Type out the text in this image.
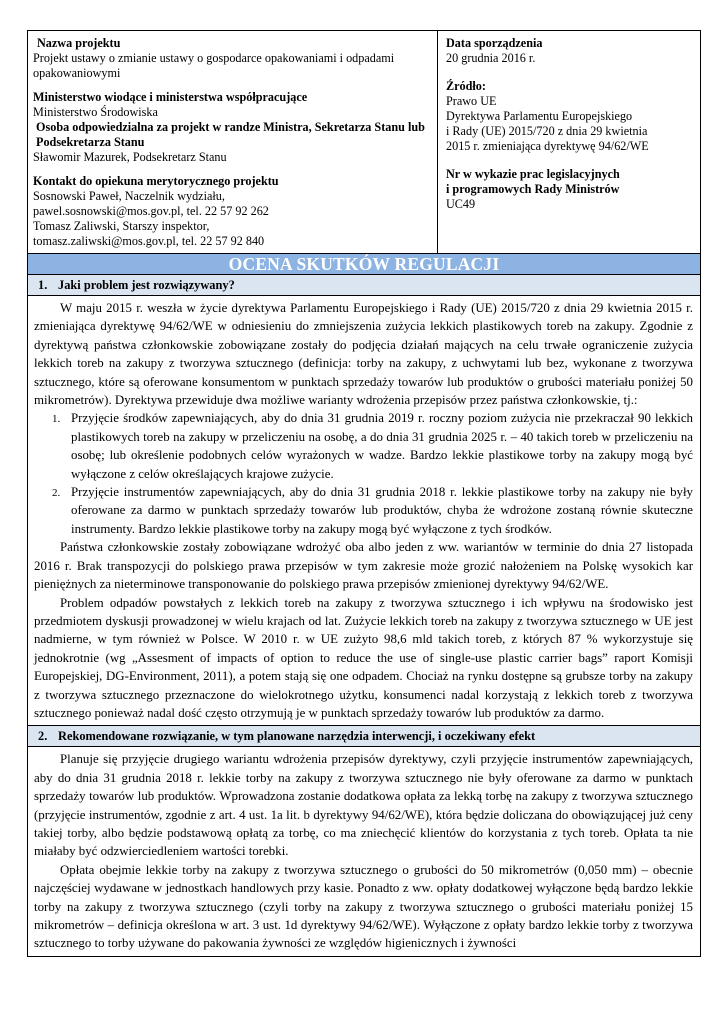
Nazwa projektu
Projekt ustawy o zmianie ustawy o gospodarce opakowaniami i odpadami opakowaniowymi
Ministerstwo wiodące i ministerstwa współpracujące
Ministerstwo Środowiska
Osoba odpowiedzialna za projekt w randze Ministra, Sekretarza Stanu lub Podsekretarza Stanu
Sławomir Mazurek, Podsekretarz Stanu
Kontakt do opiekuna merytorycznego projektu
Sosnowski Paweł, Naczelnik wydziału,
pawel.sosnowski@mos.gov.pl, tel. 22 57 92 262
Tomasz Zaliwski, Starszy inspektor,
tomasz.zaliwski@mos.gov.pl, tel. 22 57 92 840
Data sporządzenia
20 grudnia 2016 r.
Źródło:
Prawo UE
Dyrektywa Parlamentu Europejskiego
i Rady (UE) 2015/720 z dnia 29 kwietnia
2015 r. zmieniająca dyrektywę 94/62/WE
Nr w wykazie prac legislacyjnych
i programowych Rady Ministrów
UC49
OCENA SKUTKÓW REGULACJI
1. Jaki problem jest rozwiązywany?

W maju 2015 r. weszła w życie dyrektywa Parlamentu Europejskiego i Rady (UE) 2015/720 z dnia 29 kwietnia 2015 r. zmieniająca dyrektywę 94/62/WE w odniesieniu do zmniejszenia zużycia lekkich plastikowych toreb na zakupy. Zgodnie z dyrektywą państwa członkowskie zobowiązane zostały do podjęcia działań mających na celu trwałe ograniczenie zużycia lekkich toreb na zakupy z tworzywa sztucznego (definicja: torby na zakupy, z uchwytami lub bez, wykonane z tworzywa sztucznego, które są oferowane konsumentom w punktach sprzedaży towarów lub produktów o grubości materiału poniżej 50 mikrometrów). Dyrektywa przewiduje dwa możliwe warianty wdrożenia przepisów przez państwa członkowskie, tj.:

1. Przyjęcie środków zapewniających, aby do dnia 31 grudnia 2019 r. roczny poziom zużycia nie przekraczał 90 lekkich plastikowych toreb na zakupy w przeliczeniu na osobę, a do dnia 31 grudnia 2025 r. – 40 takich toreb w przeliczeniu na osobę; lub określenie podobnych celów wyrażonych w wadze. Bardzo lekkie plastikowe torby na zakupy mogą być wyłączone z celów określających krajowe zużycie.
2. Przyjęcie instrumentów zapewniających, aby do dnia 31 grudnia 2018 r. lekkie plastikowe torby na zakupy nie były oferowane za darmo w punktach sprzedaży towarów lub produktów, chyba że wdrożone zostaną równie skuteczne instrumenty. Bardzo lekkie plastikowe torby na zakupy mogą być wyłączone z tych środków.

Państwa członkowskie zostały zobowiązane wdrożyć oba albo jeden z ww. wariantów w terminie do dnia 27 listopada 2016 r. Brak transpozycji do polskiego prawa przepisów w tym zakresie może grozić nałożeniem na Polskę wysokich kar pieniężnych za nieterminowe transponowanie do polskiego prawa przepisów zmienionej dyrektywy 94/62/WE.

Problem odpadów powstałych z lekkich toreb na zakupy z tworzywa sztucznego i ich wpływu na środowisko jest przedmiotem dyskusji prowadzonej w wielu krajach od lat. Zużycie lekkich toreb na zakupy z tworzywa sztucznego w UE jest nadmierne, w tym również w Polsce. W 2010 r. w UE zużyto 98,6 mld takich toreb, z których 87 % wykorzystuje się jednokrotnie (wg „Assesment of impacts of option to reduce the use of single-use plastic carrier bags” raport Komisji Europejskiej, DG-Environment, 2011), a potem stają się one odpadem. Chociaż na rynku dostępne są grubsze torby na zakupy z tworzywa sztucznego przeznaczone do wielokrotnego użytku, konsumenci nadal korzystają z lekkich toreb z tworzywa sztucznego ponieważ nadal dość często otrzymują je w punktach sprzedaży towarów lub produktów za darmo.

2. Rekomendowane rozwiązanie, w tym planowane narzędzia interwencji, i oczekiwany efekt

Planuje się przyjęcie drugiego wariantu wdrożenia przepisów dyrektywy, czyli przyjęcie instrumentów zapewniających, aby do dnia 31 grudnia 2018 r. lekkie torby na zakupy z tworzywa sztucznego nie były oferowane za darmo w punktach sprzedaży towarów lub produktów. Wprowadzona zostanie dodatkowa opłata za lekką torbę na zakupy z tworzywa sztucznego (przyjęcie instrumentów, zgodnie z art. 4 ust. 1a lit. b dyrektywy 94/62/WE), która będzie doliczana do obowiązującej już ceny takiej torby, albo będzie podstawową opłatą za torbę, co ma zniechęcić klientów do korzystania z tych toreb. Opłata ta nie miałaby być odzwierciedleniem wartości torebki.

Opłata obejmie lekkie torby na zakupy z tworzywa sztucznego o grubości do 50 mikrometrów (0,050 mm) – obecnie najczęściej wydawane w jednostkach handlowych przy kasie. Ponadto z ww. opłaty dodatkowej wyłączone będą bardzo lekkie torby na zakupy z tworzywa sztucznego (czyli torby na zakupy z tworzywa sztucznego o grubości materiału poniżej 15 mikrometrów – definicja określona w art. 3 ust. 1d dyrektywy 94/62/WE). Wyłączone z opłaty bardzo lekkie torby z tworzywa sztucznego to torby używane do pakowania żywności ze względów higienicznych i żywności
